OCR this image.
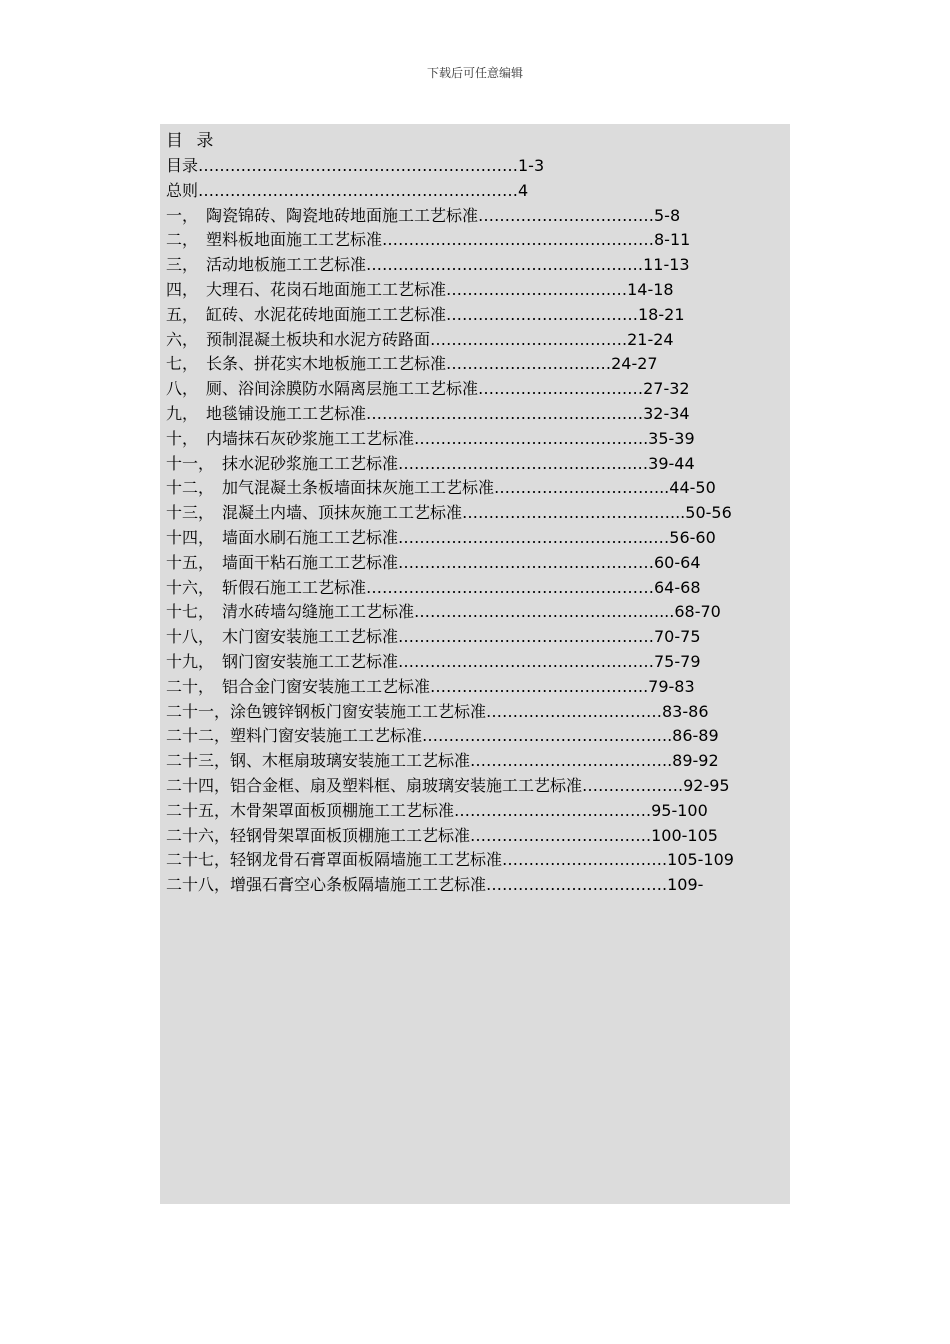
下载后可任意编辑
目 录
目录……………………………………………………1-3
总则……………………………………………………4
一，　陶瓷锦砖、陶瓷地砖地面施工工艺标准……………………………5-8
二，　塑料板地面施工工艺标准……………………………………………8-11
三，　活动地板施工工艺标准………………………………………….…11-13
四，　大理石、花岗石地面施工工艺标准………………………….…14-18
五，　缸砖、水泥花砖地面施工工艺标准………………………………18-21
六，　预制混凝土板块和水泥方砖路面……………………………….21-24
七，　长条、拼花实木地板施工工艺标准……………………….…24-27
八，　厕、浴间涂膜防水隔离层施工工艺标准……………………….…27-32
九，　地毯铺设施工工艺标准………………………………………….…32-34
十，　内墙抹石灰砂浆施工工艺标准……………………………………..35-39
十一，　抹水泥砂浆施工工艺标准……………………………………..…39-44
十二，　加气混凝土条板墙面抹灰施工工艺标准…………………………...44-50
十三，　混凝土内墙、顶抹灰施工工艺标准…………………………………...50-56
十四，　墙面水刷石施工工艺标准………………………………………...…56-60
十五，　墙面干粘石施工工艺标准…………………………………………60-64
十六，　斩假石施工工艺标准………………………………………………64-68
十七，　清水砖墙勾缝施工工艺标准………………………………………....68-70
十八，　木门窗安装施工工艺标准…………………………………………70-75
十九，　钢门窗安装施工工艺标准…………………………………………75-79
二十，　铝合金门窗安装施工工艺标准…………………………………..79-83
二十一，涂色镀锌钢板门窗安装施工工艺标准……………………………83-86
二十二，塑料门窗安装施工工艺标准………………………………………..86-89
二十三，钢、木框扇玻璃安装施工工艺标准………………………………..89-92
二十四，铝合金框、扇及塑料框、扇玻璃安装施工工艺标准……………….92-95
二十五，木骨架罩面板顶棚施工工艺标准……………………………….95-100
二十六，轻钢骨架罩面板顶棚施工工艺标准…………………………….100-105
二十七，轻钢龙骨石膏罩面板隔墙施工工艺标准………………………….105-109
二十八，增强石膏空心条板隔墙施工工艺标准…………………………….109-
